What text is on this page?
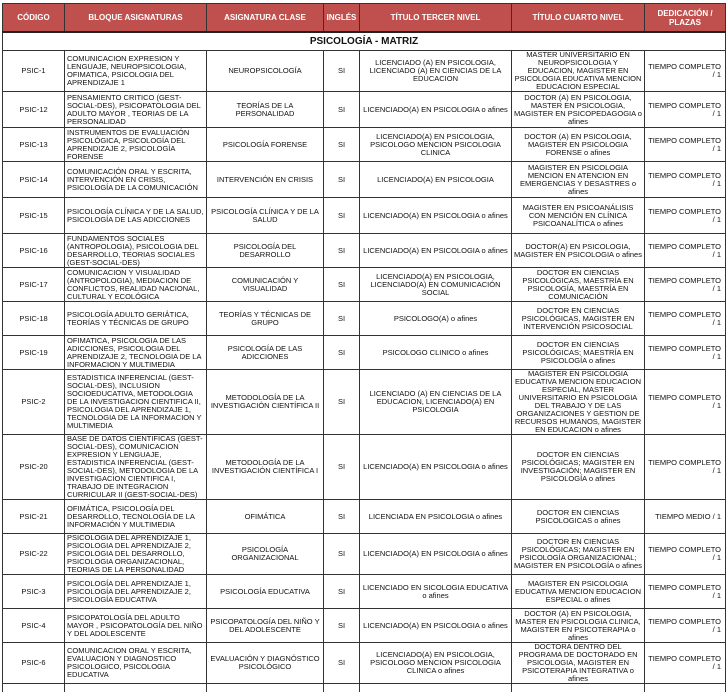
CÓDIGO	BLOQUE ASIGNATURAS	ASIGNATURA CLASE	INGLÉS	TÍTULO TERCER NIVEL	TÍTULO CUARTO NIVEL	DEDICACIÓN / PLAZAS
PSICOLOGÍA - MATRIZ						
PSIC-1	COMUNICACION EXPRESION Y LENGUAJE, NEUROPSICOLOGIA, OFIMATICA, PSICOLOGIA DEL APRENDIZAJE 1	NEUROPSICOLOGÍA	SI	LICENCIADO (A) EN PSICOLOGIA, LICENCIADO (A) EN CIENCIAS DE LA EDUCACION	MASTER UNIVERSITARIO EN NEUROPSICOLOGIA Y EDUCACION, MAGISTER EN PSICOLOGIA EDUCATIVA MENCION EDUCACION ESPECIAL	TIEMPO COMPLETO / 1
PSIC-12	PENSAMIENTO CRITICO (GEST-SOCIAL-DES), PSICOPATOLOGIA DEL ADULTO MAYOR , TEORIAS DE LA PERSONALIDAD	TEORÍAS DE LA PERSONALIDAD	SI	LICENCIADO(A) EN PSICOLOGIA o afines	DOCTOR (A) EN PSICOLOGIA, MASTER EN PSICOLOGIA, MAGISTER EN PSICOPEDAGOGIA o afines	TIEMPO COMPLETO / 1
PSIC-13	INSTRUMENTOS DE EVALUACIÓN PSICOLÓGICA, PSICOLOGÍA DEL APRENDIZAJE 2, PSICOLOGÍA FORENSE	PSICOLOGÍA FORENSE	SI	LICENCIADO(A) EN PSICOLOGIA, PSICOLOGO MENCION PSICOLOGIA CLINICA	DOCTOR (A) EN PSICOLOGIA, MAGISTER EN PSICOLOGIA FORENSE o afines	TIEMPO COMPLETO / 1
PSIC-14	COMUNICACIÓN ORAL Y ESCRITA, INTERVENCIÓN EN CRISIS, PSICOLOGÍA DE LA COMUNICACIÓN	INTERVENCIÓN EN CRISIS	SI	LICENCIADO(A) EN PSICOLOGIA	MAGISTER EN PSICOLOGIA MENCION EN ATENCION EN EMERGENCIAS Y DESASTRES o afines	TIEMPO COMPLETO / 1
PSIC-15	PSICOLOGÍA CLÍNICA Y DE LA SALUD, PSICOLOGÍA DE LAS ADICCIONES	PSICOLOGÍA CLÍNICA Y DE LA SALUD	SI	LICENCIADO(A) EN PSICOLOGIA o afines	MAGISTER EN PSICOANÁLISIS CON MENCIÓN EN CLÍNICA PSICOANALÍTICA o afines	TIEMPO COMPLETO / 1
PSIC-16	FUNDAMENTOS SOCIALES (ANTROPOLOGIA), PSICOLOGIA DEL DESARROLLO, TEORIAS SOCIALES (GEST-SOCIAL-DES)	PSICOLOGÍA DEL DESARROLLO	SI	LICENCIADO(A) EN PSICOLOGIA o afines	DOCTOR(A) EN PSICOLOGIA, MAGISTER EN PSICOLOGIA o afines	TIEMPO COMPLETO / 1
PSIC-17	COMUNICACION Y VISUALIDAD (ANTROPOLOGIA), MEDIACION DE CONFLICTOS, REALIDAD NACIONAL, CULTURAL Y ECOLÓGICA	COMUNICACIÓN Y VISUALIDAD	SI	LICENCIADO(A) EN PSICOLOGIA, LICENCIADO(A) EN COMUNICACIÓN SOCIAL	DOCTOR EN CIENCIAS PSICOLÓGICAS, MAESTRÍA EN PSICOLOGÍA, MAESTRÍA EN COMUNICACIÓN	TIEMPO COMPLETO / 1
PSIC-18	PSICOLOGÍA ADULTO GERIÁTICA, TEORÍAS Y TÉCNICAS DE GRUPO	TEORÍAS Y TÉCNICAS DE GRUPO	SI	PSICOLOGO(A) o afines	DOCTOR EN CIENCIAS PSICOLÓGICAS, MAGISTER EN INTERVENCIÓN PSICOSOCIAL	TIEMPO COMPLETO / 1
PSIC-19	OFIMATICA, PSICOLOGIA DE LAS ADICCIONES, PSICOLOGIA DEL APRENDIZAJE 2, TECNOLOGIA DE LA INFORMACION Y MULTIMEDIA	PSICOLOGÍA DE LAS ADICCIONES	SI	PSICOLOGO CLINICO o afines	DOCTOR EN CIENCIAS PSICOLÓGICAS; MAESTRÍA EN PSICOLOGÍA o afines	TIEMPO COMPLETO / 1
PSIC-2	ESTADISTICA INFERENCIAL (GEST-SOCIAL-DES), INCLUSION SOCIOEDUCATIVA, METODOLOGIA DE LA INVESTIGACION CIENTIFICA II, PSICOLOGIA DEL APRENDIZAJE 1, TECNOLOGIA DE LA INFORMACION Y MULTIMEDIA	METODOLOGÍA DE LA INVESTIGACIÓN CIENTÍFICA II	SI	LICENCIADO (A) EN CIENCIAS DE LA EDUCACION, LICENCIADO(A) EN PSICOLOGIA	MAGISTER EN PSICOLOGIA EDUCATIVA MENCION EDUCACION ESPECIAL, MASTER UNIVERSITARIO EN PSICOLOGIA DEL TRABAJO Y DE LAS ORGANIZACIONES Y GESTION DE RECURSOS HUMANOS, MAGISTER EN EDUCACION o afines	TIEMPO COMPLETO / 1
PSIC-20	BASE DE DATOS CIENTIFICAS (GEST-SOCIAL-DES), COMUNICACION EXPRESION Y LENGUAJE, ESTADISTICA INFERENCIAL (GEST-SOCIAL-DES), METODOLOGIA DE LA INVESTIGACION CIENTIFICA I, TRABAJO DE INTEGRACION CURRICULAR II (GEST-SOCIAL-DES)	METODOLOGÍA DE LA INVESTIGACIÓN CIENTÍFICA I	SI	LICENCIADO(A) EN PSICOLOGIA o afines	DOCTOR EN CIENCIAS PSICOLÓGICAS; MAGISTER EN INVESTIGACIÓN; MAGISTER EN PSICOLOGÍA o afines	TIEMPO COMPLETO / 1
PSIC-21	OFIMÁTICA, PSICOLOGÍA DEL DESARROLLO, TECNOLOGÍA DE LA INFORMACIÓN Y MULTIMEDIA	OFIMÁTICA	SI	LICENCIADA EN PSICOLOGIA o afines	DOCTOR EN CIENCIAS PSICOLOGICAS o afines	TIEMPO MEDIO / 1
PSIC-22	PSICOLOGIA DEL APRENDIZAJE 1, PSICOLOGIA DEL APRENDIZAJE 2, PSICOLOGIA DEL DESARROLLO, PSICOLOGIA ORGANIZACIONAL, TEORIAS DE LA PERSONALIDAD	PSICOLOGÍA ORGANIZACIONAL	SI	LICENCIADO(A) EN PSICOLOGIA o afines	DOCTOR EN CIENCIAS PSICOLÓGICAS; MAGISTER EN PSICOLOGÍA ORGANIZACIONAL; MAGISTER EN PSICOLOGÍA o afines	TIEMPO COMPLETO / 1
PSIC-3	PSICOLOGÍA DEL APRENDIZAJE 1, PSICOLOGÍA DEL APRENDIZAJE 2, PSICOLOGÍA EDUCATIVA	PSICOLOGÍA EDUCATIVA	SI	LICENCIADO EN SICOLOGIA EDUCATIVA o afines	MAGISTER EN PSICOLOGIA EDUCATIVA MENCION EDUCACION ESPECIAL o afines	TIEMPO COMPLETO / 1
PSIC-4	PSICOPATOLOGÍA DEL ADULTO MAYOR , PSICOPATOLOGÍA DEL NIÑO Y DEL ADOLESCENTE	PSICOPATOLOGÍA DEL NIÑO Y DEL ADOLESCENTE	SI	LICENCIADO(A) EN PSICOLOGIA o afines	DOCTOR (A) EN PSICOLOGIA, MASTER EN PSICOLOGIA CLINICA, MAGISTER EN PSICOTERAPIA o afines	TIEMPO COMPLETO / 1
PSIC-6	COMUNICACION ORAL Y ESCRITA, EVALUACION Y DIAGNOSTICO PSICOLOGICO, PSICOLOGIA EDUCATIVA	EVALUACIÓN Y DIAGNÓSTICO PSICOLÓGICO	SI	LICENCIADO(A) EN PSICOLOGIA, PSICOLOGO MENCION PSICOLOGIA CLINICA o afines	DOCTORA DENTRO DEL PROGRAMA DE DOCTORADO EN PSICOLOGIA, MAGISTER EN PSICOTERAPIA INTEGRATIVA o afines	TIEMPO COMPLETO / 1
